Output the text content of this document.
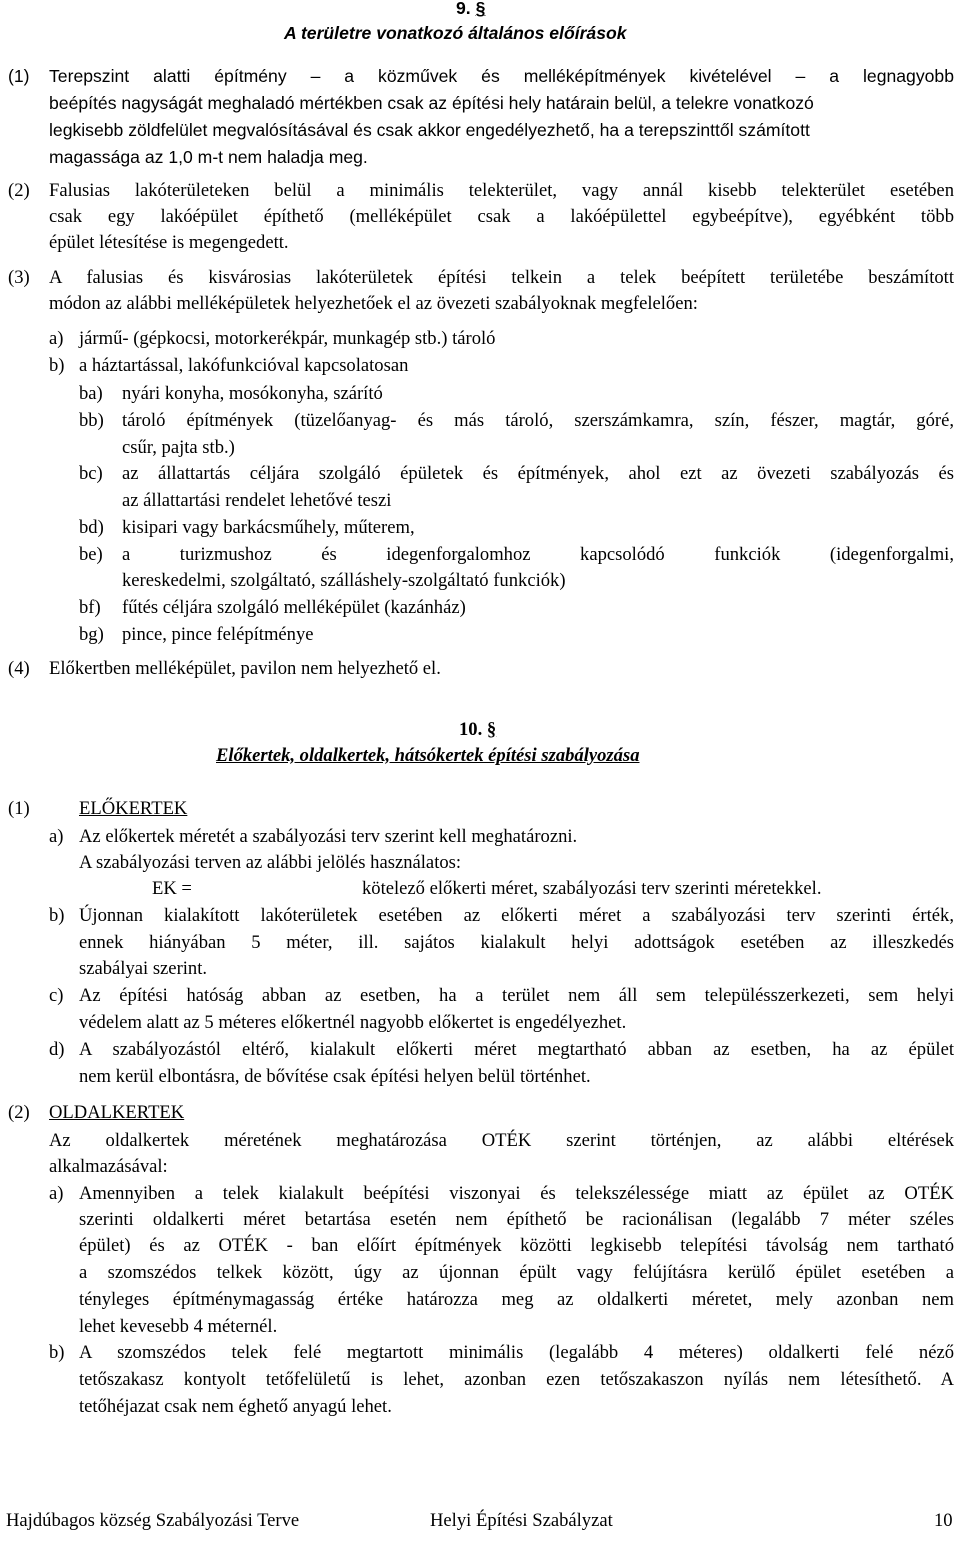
9. §
A területre vonatkozó általános előírások
(1) Terepszint alatti építmény – a közművek és melléképítmények kivételével – a legnagyobb
beépítés nagyságát meghaladó mértékben csak az építési hely határain belül, a telekre vonatkozó
legkisebb zöldfelület megvalósításával és csak akkor engedélyezhető, ha a terepszinttől számított
magassága az 1,0 m-t nem haladja meg.
(2) Falusias lakóterületeken belül a minimális telekterület, vagy annál kisebb telekterület esetében
csak egy lakóépület építhető (melléképület csak a lakóépülettel egybeépítve), egyébként több
épület létesítése is megengedett.
(3) A falusias és kisvárosias lakóterületek építési telkein a telek beépített területébe beszámított
módon az alábbi melléképületek helyezhetőek el az övezeti szabályoknak megfelelően:
a) jármű- (gépkocsi, motorkerékpár, munkagép stb.) tároló
b) a háztartással, lakófunkcióval kapcsolatosan
ba) nyári konyha, mosókonyha, szárító
bb) tároló építmények (tüzelőanyag- és más tároló, szerszámkamra, szín, fészer, magtár, góré,
csűr, pajta stb.)
bc) az állattartás céljára szolgáló épületek és építmények, ahol ezt az övezeti szabályozás és
az állattartási rendelet lehetővé teszi
bd) kisipari vagy barkácsműhely, műterem,
be) a turizmushoz és idegenforgalomhoz kapcsolódó funkciók (idegenforgalmi,
kereskedelmi, szolgáltató, szálláshely-szolgáltató funkciók)
bf) fűtés céljára szolgáló melléképület (kazánház)
bg) pince, pince felépítménye
(4) Előkertben melléképület, pavilon nem helyezhető el.
10. §
Előkertek, oldalkertek, hátsókertek építési szabályozása
(1)	ELŐKERTEK
a) Az előkertek méretét a szabályozási terv szerint kell meghatározni.
A szabályozási terven az alábbi jelölés használatos:
EK =	kötelező előkerti méret, szabályozási terv szerinti méretekkel.
b) Újonnan kialakított lakóterületek esetében az előkerti méret a szabályozási terv szerinti érték,
ennek hiányában 5 méter, ill. sajátos kialakult helyi adottságok esetében az illeszkedés
szabályai szerint.
c) Az építési hatóság abban az esetben, ha a terület nem áll sem településszerkezeti, sem helyi
védelem alatt az 5 méteres előkertnél nagyobb előkertet is engedélyezhet.
d) A szabályozástól eltérő, kialakult előkerti méret megtartható abban az esetben, ha az épület
nem kerül elbontásra, de bővítése csak építési helyen belül történhet.
(2) OLDALKERTEK
Az oldalkertek méretének meghatározása OTÉK szerint történjen, az alábbi eltérések
alkalmazásával:
a) Amennyiben a telek kialakult beépítési viszonyai és telekszélessége miatt az épület az OTÉK
szerinti oldalkerti méret betartása esetén nem építhető be racionálisan (legalább 7 méter széles
épület) és az OTÉK - ban előírt építmények közötti legkisebb telepítési távolság nem tartható
a szomszédos telkek között, úgy az újonnan épült vagy felújításra kerülő épület esetében a
tényleges építménymagasság értéke határozza meg az oldalkerti méretet, mely azonban nem
lehet kevesebb 4 méternél.
b) A szomszédos telek felé megtartott minimális (legalább 4 méteres) oldalkerti felé néző
tetőszakasz kontyolt tetőfelületű is lehet, azonban ezen tetőszakaszon nyílás nem létesíthető. A
tetőhéjazat csak nem éghető anyagú lehet.
Hajdúbagos község Szabályozási Terve	Helyi Építési Szabályzat	10
